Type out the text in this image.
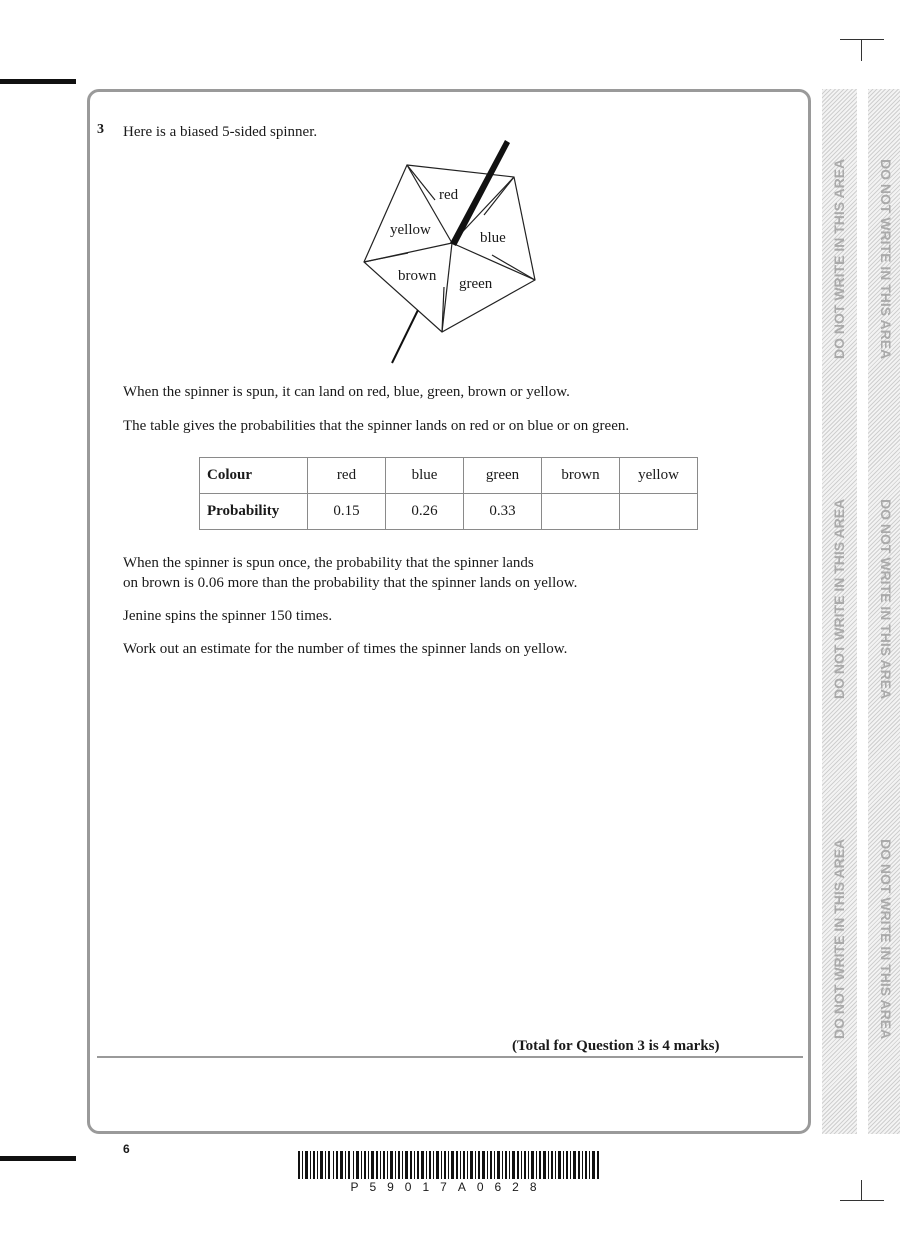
3 Here is a biased 5-sided spinner.
red
blue
green
brown
yellow
When the spinner is spun, it can land on red, blue, green, brown or yellow.
The table gives the probabilities that the spinner lands on red or on blue or on green.
Colour	red	blue	green	brown	yellow
Probability	0.15	0.26	0.33		
When the spinner is spun once, the probability that the spinner lands
on brown is 0.06 more than the probability that the spinner lands on yellow.
Jenine spins the spinner 150 times.
Work out an estimate for the number of times the spinner lands on yellow.
(Total for Question 3 is 4 marks)
6
P59017A0628
DO NOT WRITE IN THIS AREA
DO NOT WRITE IN THIS AREA
DO NOT WRITE IN THIS AREA
DO NOT WRITE IN THIS AREA
DO NOT WRITE IN THIS AREA
DO NOT WRITE IN THIS AREA
